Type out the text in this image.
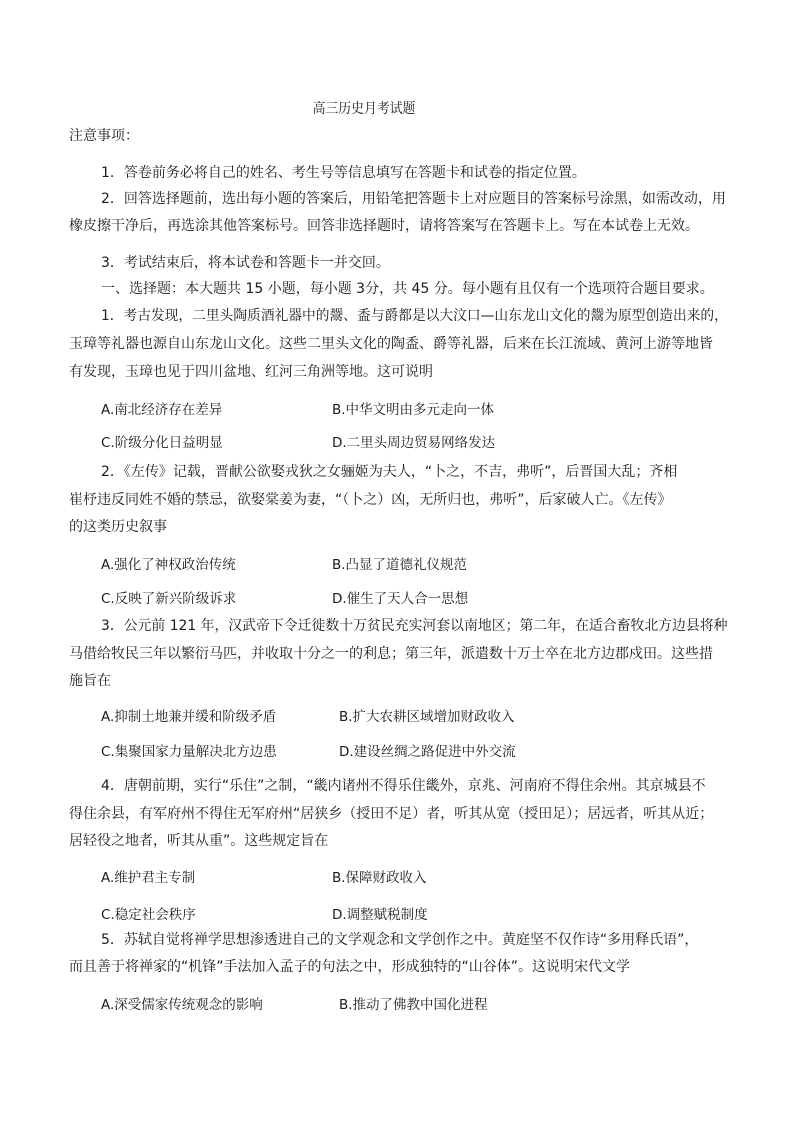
高三历史月考试题
注意事项：
1．答卷前务必将自己的姓名、考生号等信息填写在答题卡和试卷的指定位置。
2．回答选择题前，选出每小题的答案后，用铅笔把答题卡上对应题目的答案标号涂黑，如需改动，用
橡皮擦干净后，再选涂其他答案标号。回答非选择题时，请将答案写在答题卡上。写在本试卷上无效。
3．考试结束后，将本试卷和答题卡一并交回。
一、选择题：本大题共 15 小题，每小题 3分，共 45 分。每小题有且仅有一个选项符合题目要求。
1．考古发现，二里头陶质酒礼器中的鬶、盉与爵都是以大汶口—山东龙山文化的鬶为原型创造出来的，
玉璋等礼器也源自山东龙山文化。这些二里头文化的陶盉、爵等礼器，后来在长江流域、黄河上游等地皆
有发现，玉璋也见于四川盆地、红河三角洲等地。这可说明
A.南北经济存在差异	B.中华文明由多元走向一体
C.阶级分化日益明显	D.二里头周边贸易网络发达
2．《左传》记载，晋献公欲娶戎狄之女骊姬为夫人，“卜之，不吉，弗听”，后晋国大乱；齐相
崔杼违反同姓不婚的禁忌，欲娶棠姜为妻，“（卜之）凶，无所归也，弗听”，后家破人亡。《左传》
的这类历史叙事
A.强化了神权政治传统	B.凸显了道德礼仪规范
C.反映了新兴阶级诉求	D.催生了天人合一思想
3．公元前 121 年，汉武帝下令迁徙数十万贫民充实河套以南地区；第二年，在适合畜牧北方边县将种
马借给牧民三年以繁衍马匹，并收取十分之一的利息；第三年，派遣数十万士卒在北方边郡戍田。这些措
施旨在
A.抑制土地兼并缓和阶级矛盾	B.扩大农耕区域增加财政收入
C.集聚国家力量解决北方边患	D.建设丝绸之路促进中外交流
4．唐朝前期，实行“乐住”之制，“畿内诸州不得乐住畿外，京兆、河南府不得住余州。其京城县不
得住余县，有军府州不得住无军府州“居狭乡（授田不足）者，听其从宽（授田足）；居远者，听其从近；
居轻役之地者，听其从重”。这些规定旨在
A.维护君主专制	B.保障财政收入
C.稳定社会秩序	D.调整赋税制度
5．苏轼自觉将禅学思想渗透进自己的文学观念和文学创作之中。黄庭坚不仅作诗“多用释氏语”，
而且善于将禅家的“机锋”手法加入孟子的句法之中，形成独特的“山谷体”。这说明宋代文学
A.深受儒家传统观念的影响	B.推动了佛教中国化进程
